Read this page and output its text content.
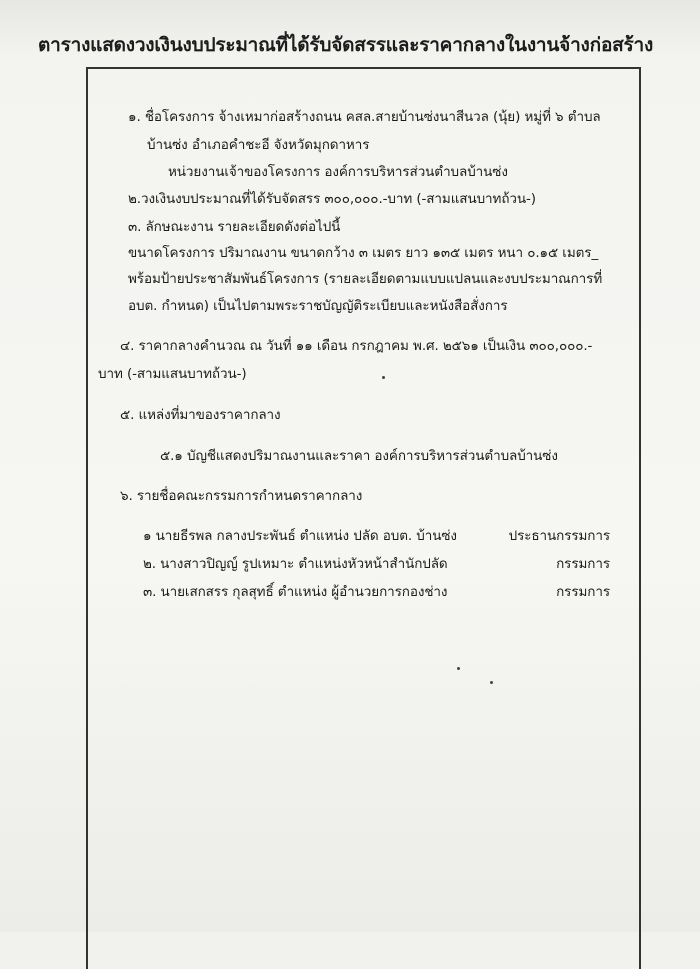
ตารางแสดงวงเงินงบประมาณที่ได้รับจัดสรรและราคากลางในงานจ้างก่อสร้าง
๑. ชื่อโครงการ จ้างเหมาก่อสร้างถนน คสล.สายบ้านซ่งนาสีนวล (นุ้ย) หมู่ที่ ๖ ตำบล
บ้านซ่ง อำเภอคำชะอี จังหวัดมุกดาหาร
หน่วยงานเจ้าของโครงการ องค์การบริหารส่วนตำบลบ้านซ่ง
๒.วงเงินงบประมาณที่ได้รับจัดสรร ๓๐๐,๐๐๐.-บาท (-สามแสนบาทถ้วน-)
๓. ลักษณะงาน รายละเอียดดังต่อไปนี้
ขนาดโครงการ ปริมาณงาน ขนาดกว้าง ๓ เมตร ยาว ๑๓๕ เมตร หนา ๐.๑๕ เมตร_
พร้อมป้ายประชาสัมพันธ์โครงการ (รายละเอียดตามแบบแปลนและงบประมาณการที่
อบต. กำหนด) เป็นไปตามพระราชบัญญัติระเบียบและหนังสือสั่งการ
๔. ราคากลางคำนวณ ณ วันที่ ๑๑ เดือน กรกฎาคม พ.ศ. ๒๕๖๑ เป็นเงิน ๓๐๐,๐๐๐.-
บาท (-สามแสนบาทถ้วน-)
๕. แหล่งที่มาของราคากลาง
๕.๑ บัญชีแสดงปริมาณงานและราคา องค์การบริหารส่วนตำบลบ้านซ่ง
๖. รายชื่อคณะกรรมการกำหนดราคากลาง
๑ นายธีรพล กลางประพันธ์ ตำแหน่ง ปลัด อบต. บ้านซ่ง	ประธานกรรมการ
๒. นางสาวปิญญ์ รูปเหมาะ ตำแหน่งหัวหน้าสำนักปลัด	กรรมการ
๓. นายเสกสรร กุลสุทธิ์ ตำแหน่ง ผู้อำนวยการกองช่าง	กรรมการ
